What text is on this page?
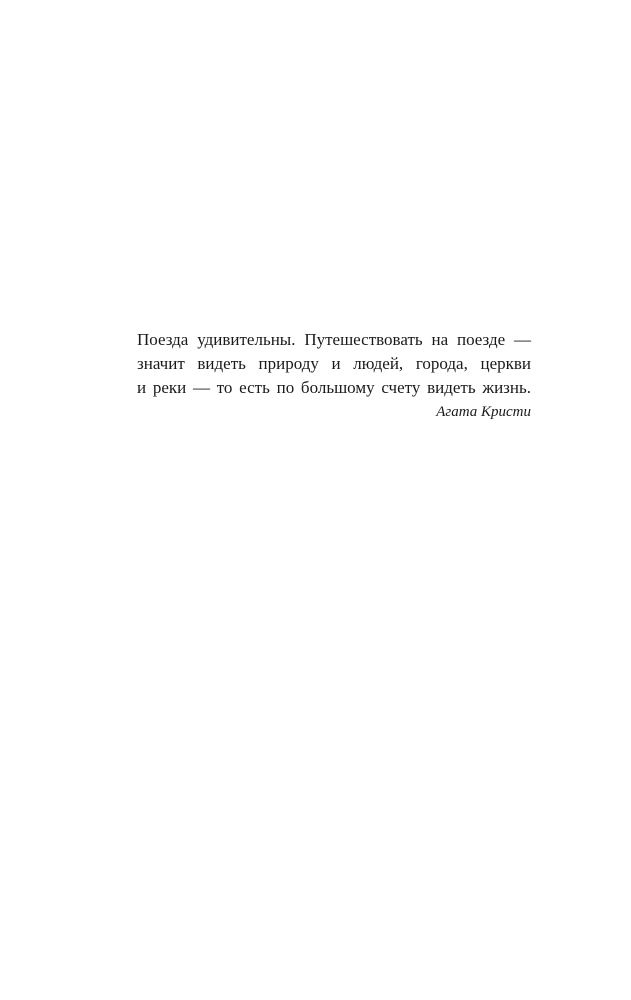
Поезда удивительны. Путешествовать на поезде —
значит видеть природу и людей, города, церкви
и реки — то есть по большому счету видеть жизнь.
Агата Кристи
